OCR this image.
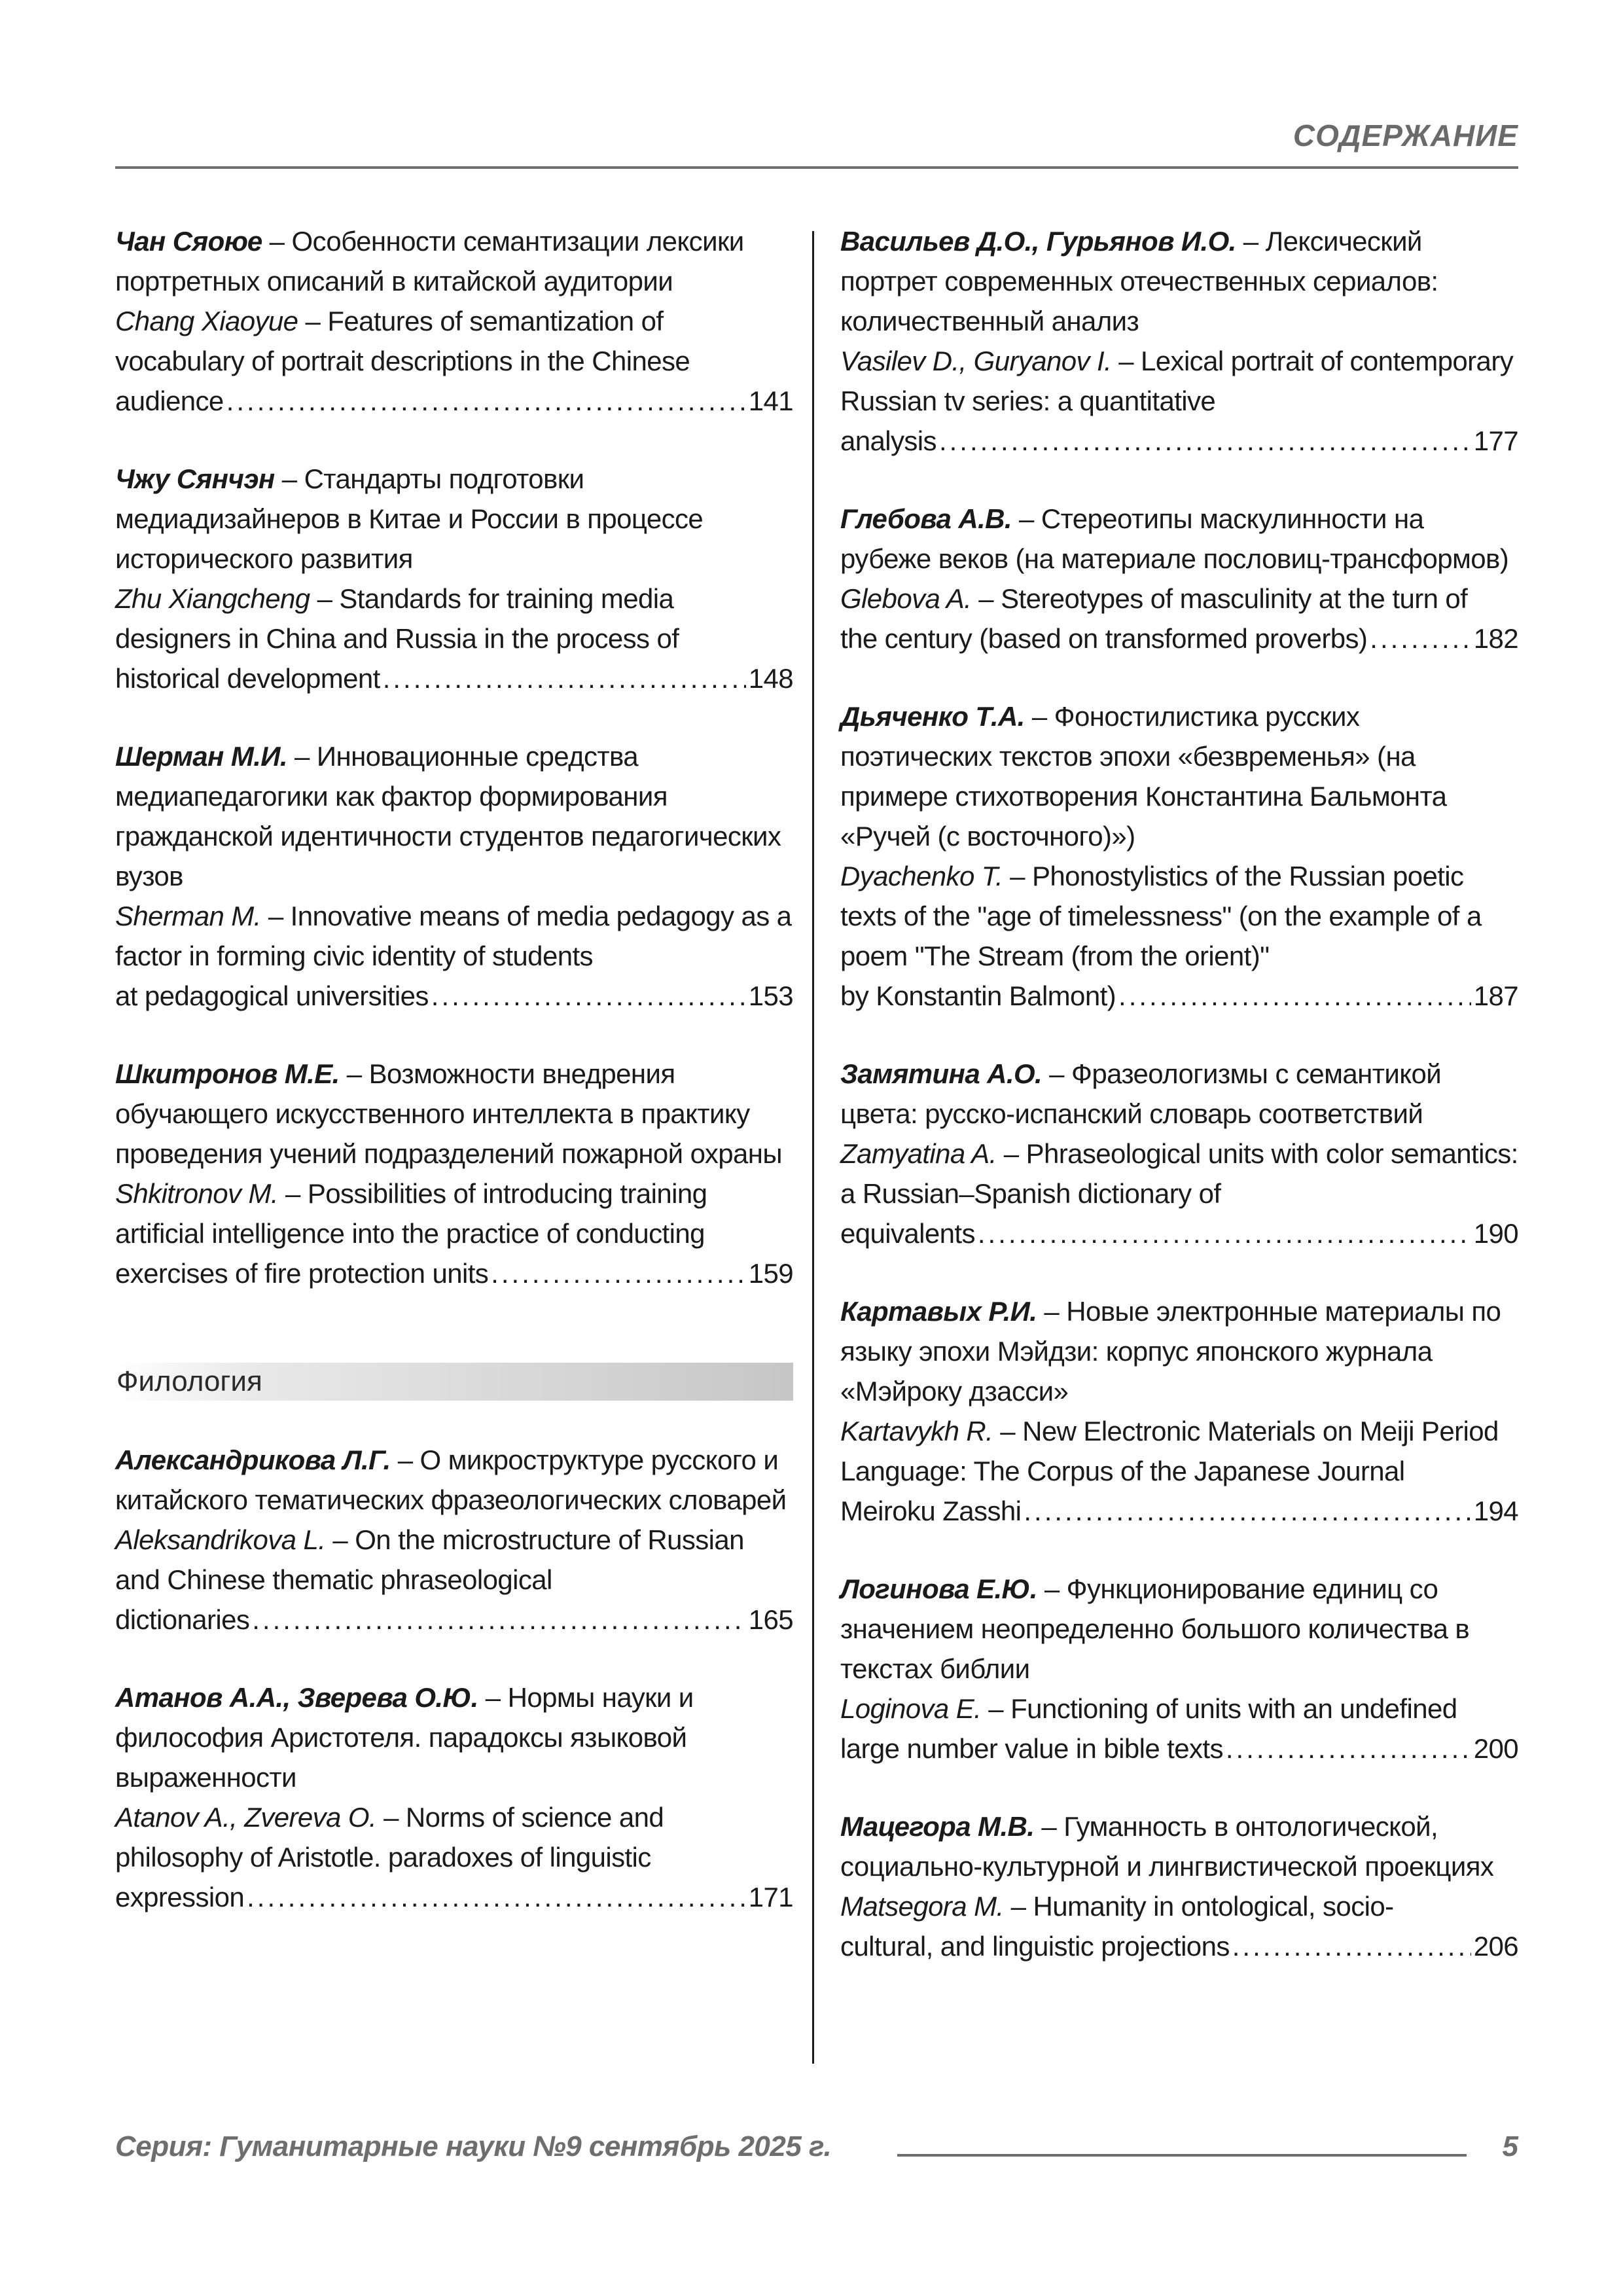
СОДЕРЖАНИЕ
Чан Сяоюе – Особенности семантизации лексики портретных описаний в китайской аудитории
Chang Xiaoyue – Features of semantization of vocabulary of portrait descriptions in the Chinese
audience .....	141
Чжу Сянчэн – Стандарты подготовки медиадизайнеров в Китае и России в процессе исторического развития
Zhu Xiangcheng – Standards for training media designers in China and Russia in the process of
historical development .....	148
Шерман М.И. – Инновационные средства медиапедагогики как фактор формирования гражданской идентичности студентов педагогических вузов
Sherman M. – Innovative means of media pedagogy as a factor in forming civic identity of students
at pedagogical universities .....	153
Шкитронов М.Е. – Возможности внедрения обучающего искусственного интеллекта в практику проведения учений подразделений пожарной охраны
Shkitronov M. – Possibilities of introducing training artificial intelligence into the practice of conducting
exercises of fire protection units .....	159
Филология
Александрикова Л.Г. – О микроструктуре русского и китайского тематических фразеологических словарей
Aleksandrikova L. – On the microstructure of Russian and Chinese thematic phraseological
dictionaries .....	165
Атанов А.А., Зверева О.Ю. – Нормы науки и философия Аристотеля. парадоксы языковой выраженности
Atanov A., Zvereva O. – Norms of science and philosophy of Aristotle. paradoxes of linguistic
expression .....	171
Васильев Д.О., Гурьянов И.О. – Лексический портрет современных отечественных сериалов: количественный анализ
Vasilev D., Guryanov I. – Lexical portrait of contemporary Russian tv series: a quantitative
analysis .....	177
Глебова А.В. – Стереотипы маскулинности на рубеже веков (на материале пословиц-трансформов)
Glebova A. – Stereotypes of masculinity at the turn of
the century (based on transformed proverbs) .....	182
Дьяченко Т.А. – Фоностилистика русских поэтических текстов эпохи «безвременья» (на примере стихотворения Константина Бальмонта «Ручей (с восточного)»)
Dyachenko T. – Phonostylistics of the Russian poetic texts of the "age of timelessness" (on the example of a poem "The Stream (from the orient)"
by Konstantin Balmont) .....	187
Замятина А.О. – Фразеологизмы с семантикой цвета: русско-испанский словарь соответствий
Zamyatina A. – Phraseological units with color semantics: a Russian–Spanish dictionary of
equivalents .....	190
Картавых Р.И. – Новые электронные материалы по языку эпохи Мэйдзи: корпус японского журнала «Мэйроку дзасси»
Kartavykh R. – New Electronic Materials on Meiji Period Language: The Corpus of the Japanese Journal
Meiroku Zasshi .....	194
Логинова Е.Ю. – Функционирование единиц со значением неопределенно большого количества в текстах библии
Loginova E. – Functioning of units with an undefined
large number value in bible texts .....	200
Мацегора М.В. – Гуманность в онтологической, социально-культурной и лингвистической проекциях
Matsegora M. – Humanity in ontological, socio-
cultural, and linguistic projections .....	206
Серия: Гуманитарные науки №9 сентябрь 2025 г.	5
